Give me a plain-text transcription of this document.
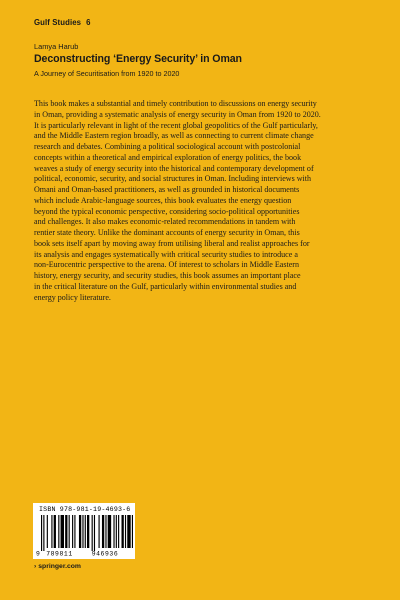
Gulf Studies 6
Lamya Harub
Deconstructing ‘Energy Security’ in Oman
A Journey of Securitisation from 1920 to 2020
This book makes a substantial and timely contribution to discussions on energy security
in Oman, providing a systematic analysis of energy security in Oman from 1920 to 2020.
It is particularly relevant in light of the recent global geopolitics of the Gulf particularly,
and the Middle Eastern region broadly, as well as connecting to current climate change
research and debates. Combining a political sociological account with postcolonial
concepts within a theoretical and empirical exploration of energy politics, the book
weaves a study of energy security into the historical and contemporary development of
political, economic, security, and social structures in Oman. Including interviews with
Omani and Oman-based practitioners, as well as grounded in historical documents
which include Arabic-language sources, this book evaluates the energy question
beyond the typical economic perspective, considering socio-political opportunities
and challenges. It also makes economic-related recommendations in tandem with
rentier state theory. Unlike the dominant accounts of energy security in Oman, this
book sets itself apart by moving away from utilising liberal and realist approaches for
its analysis and engages systematically with critical security studies to introduce a
non-Eurocentric perspective to the arena. Of interest to scholars in Middle Eastern
history, energy security, and security studies, this book assumes an important place
in the critical literature on the Gulf, particularly within environmental studies and
energy policy literature.
ISBN 978-981-19-4693-6
9 789811	946936
› springer.com
